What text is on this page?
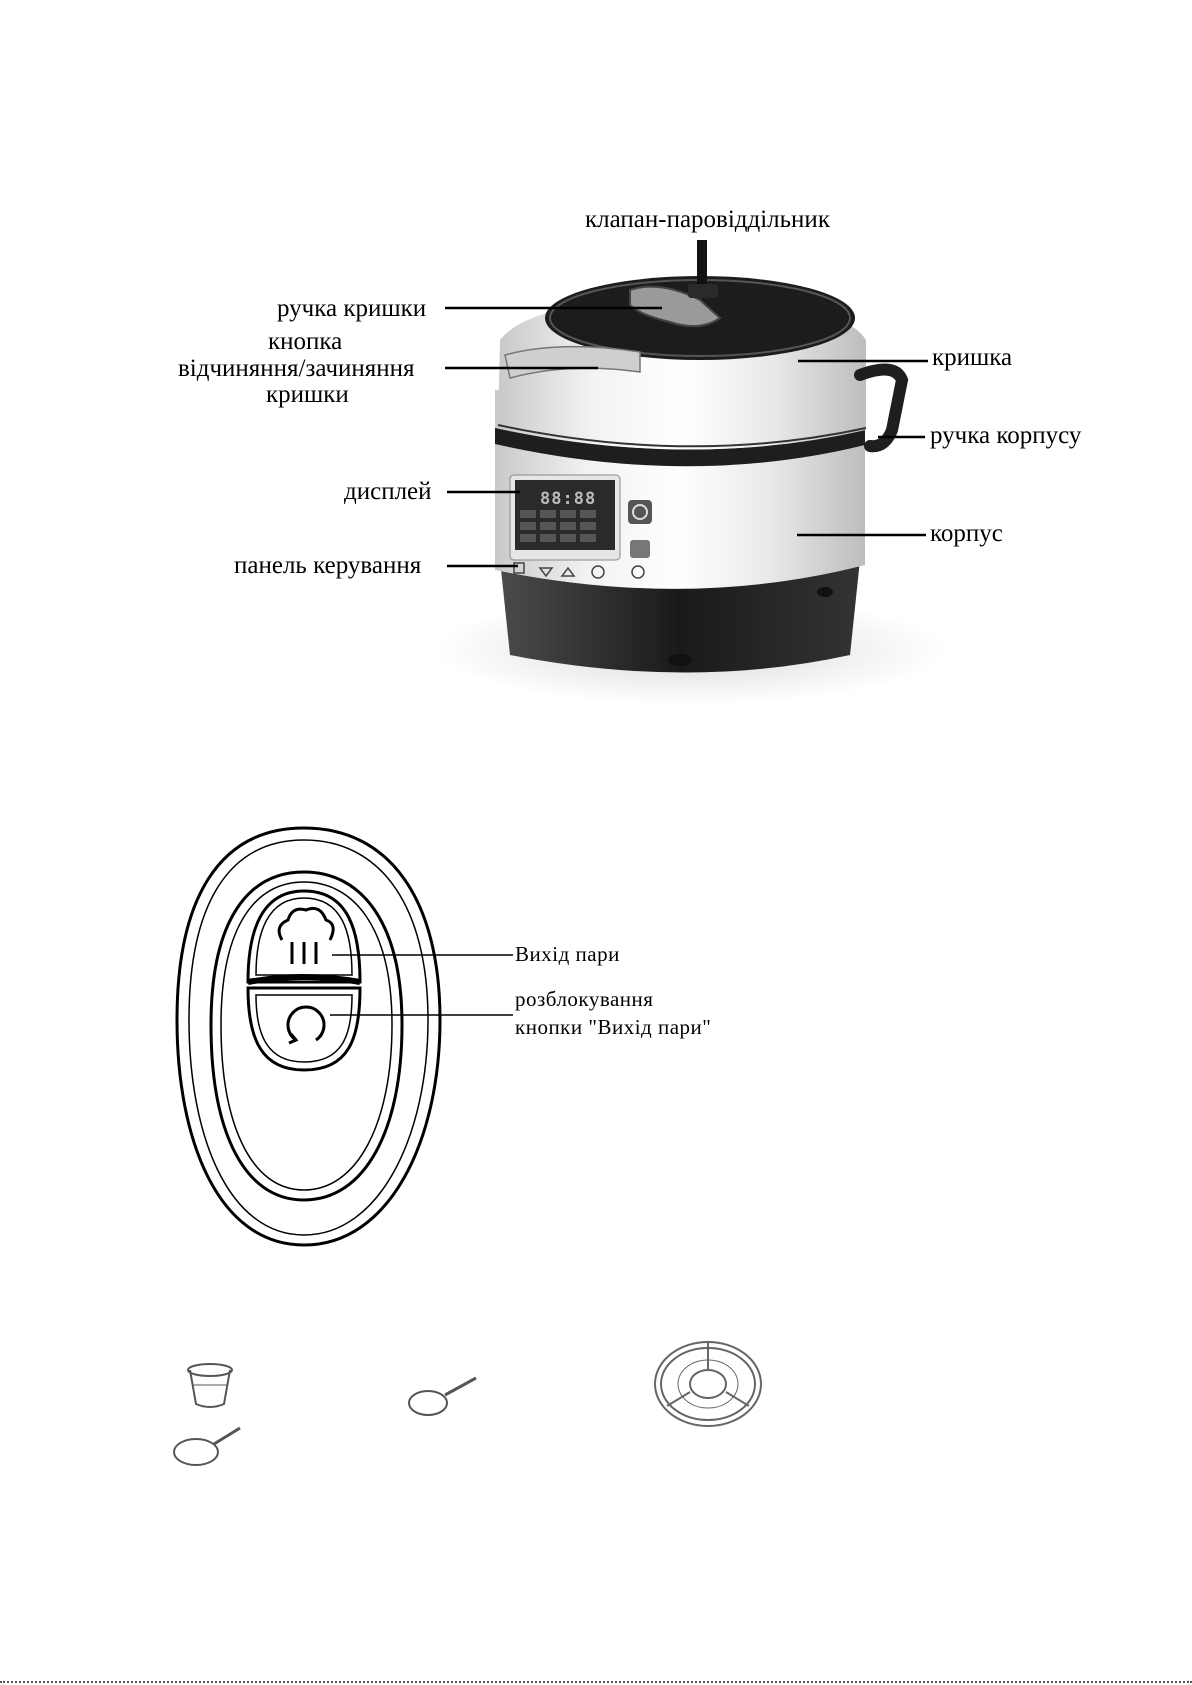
клапан-паровіддільник
ручка кришки
кнопка
відчиняння/зачиняння
кришки
дисплей
панель керування
кришка
ручка корпусу
корпус
88:88
Вихід пари
розблокування
кнопки "Вихід пари"
